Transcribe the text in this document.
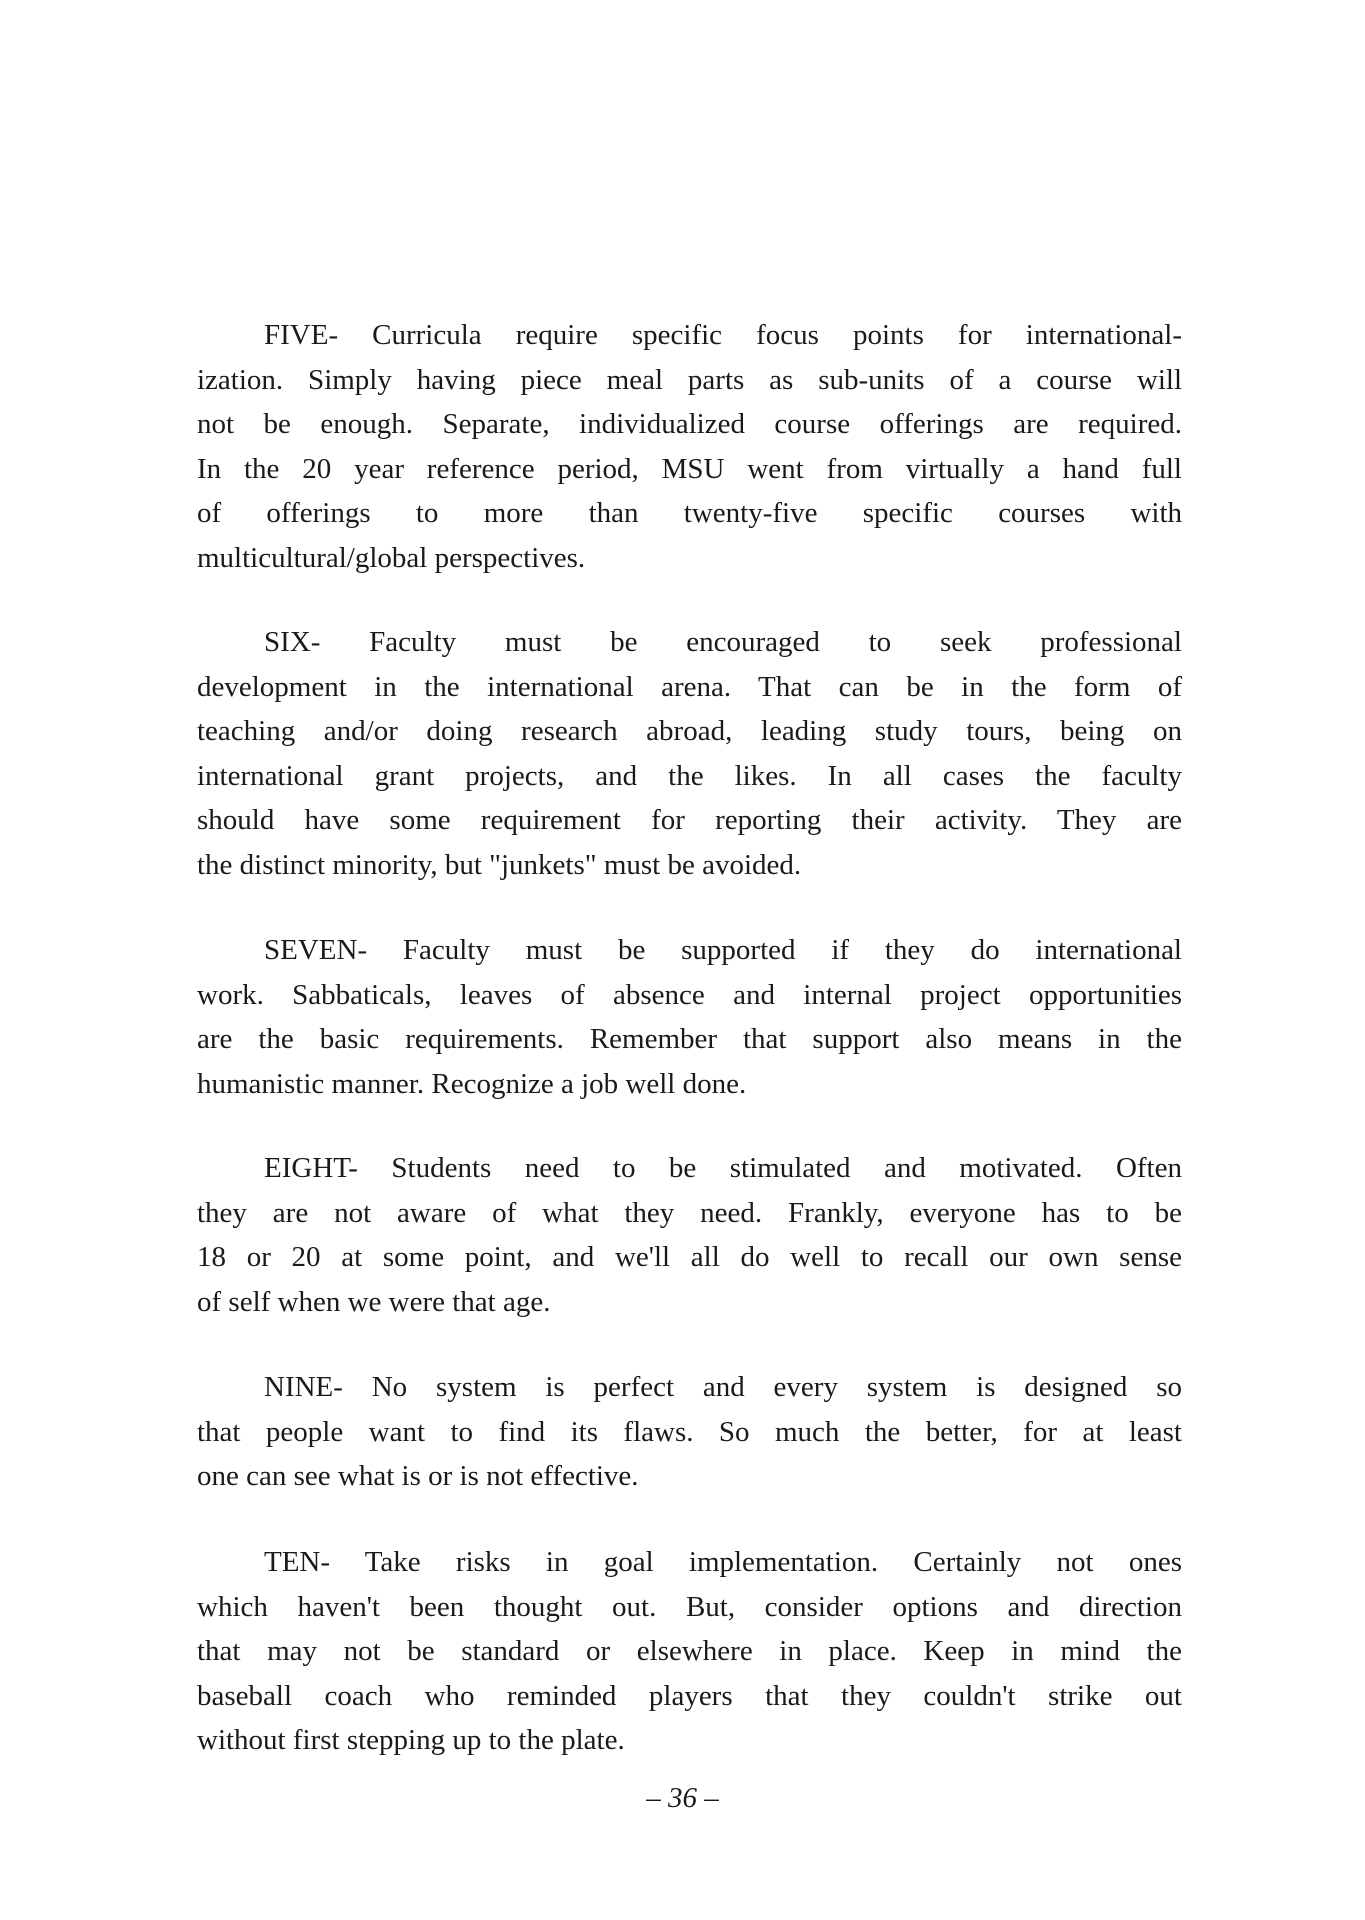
FIVE- Curricula require specific focus points for international-
ization. Simply having piece meal parts as sub-units of a course will
not be enough. Separate, individualized course offerings are required.
In the 20 year reference period, MSU went from virtually a hand full
of offerings to more than twenty-five specific courses with
multicultural/global perspectives.
SIX- Faculty must be encouraged to seek professional
development in the international arena. That can be in the form of
teaching and/or doing research abroad, leading study tours, being on
international grant projects, and the likes. In all cases the faculty
should have some requirement for reporting their activity. They are
the distinct minority, but "junkets" must be avoided.
SEVEN- Faculty must be supported if they do international
work. Sabbaticals, leaves of absence and internal project opportunities
are the basic requirements. Remember that support also means in the
humanistic manner. Recognize a job well done.
EIGHT- Students need to be stimulated and motivated. Often
they are not aware of what they need. Frankly, everyone has to be
18 or 20 at some point, and we'll all do well to recall our own sense
of self when we were that age.
NINE- No system is perfect and every system is designed so
that people want to find its flaws. So much the better, for at least
one can see what is or is not effective.
TEN- Take risks in goal implementation. Certainly not ones
which haven't been thought out. But, consider options and direction
that may not be standard or elsewhere in place. Keep in mind the
baseball coach who reminded players that they couldn't strike out
without first stepping up to the plate.
– 36 –
